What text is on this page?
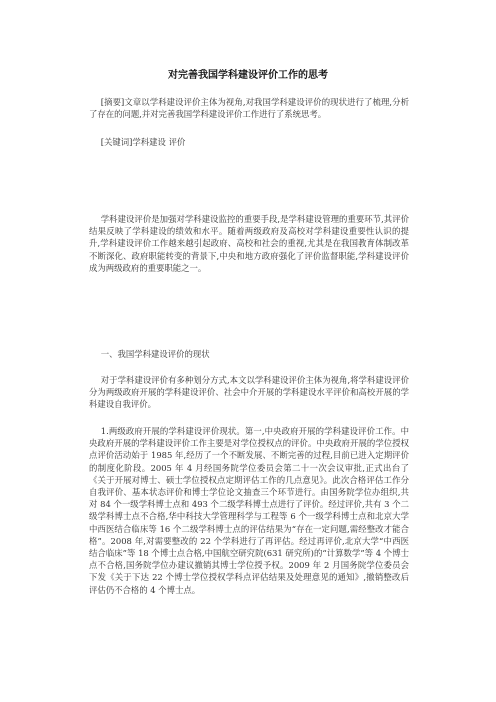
对完善我国学科建设评价工作的思考

[摘要]文章以学科建设评价主体为视角,对我国学科建设评价的现状进行了梳理,分析了存在的问题,并对完善我国学科建设评价工作进行了系统思考。

[关键词]学科建设 评价

学科建设评价是加强对学科建设监控的重要手段,是学科建设管理的重要环节,其评价结果反映了学科建设的绩效和水平。随着两级政府及高校对学科建设重要性认识的提升,学科建设评价工作越来越引起政府、高校和社会的重视,尤其是在我国教育体制改革不断深化、政府职能转变的背景下,中央和地方政府强化了评价监督职能,学科建设评价成为两级政府的重要职能之一。

一、我国学科建设评价的现状

对于学科建设评价有多种划分方式,本文以学科建设评价主体为视角,将学科建设评价分为两级政府开展的学科建设评价、社会中介开展的学科建设水平评价和高校开展的学科建设自我评价。

1.两级政府开展的学科建设评价现状。第一,中央政府开展的学科建设评价工作。中央政府开展的学科建设评价工作主要是对学位授权点的评价。中央政府开展的学位授权点评价活动始于 1985 年,经历了一个不断发展、不断完善的过程,目前已进入定期评价的制度化阶段。2005 年 4 月经国务院学位委员会第二十一次会议审批,正式出台了《关于开展对博士、硕士学位授权点定期评估工作的几点意见》。此次合格评估工作分自我评价、基本状态评价和博士学位论文抽查三个环节进行。由国务院学位办组织,共对 84 个一级学科博士点和 493 个二级学科博士点进行了评价。经过评价,共有 3 个二级学科博士点不合格,华中科技大学管理科学与工程等 6 个一级学科博士点和北京大学中西医结合临床等 16 个二级学科博士点的评估结果为“存在一定问题,需经整改才能合格”。2008 年,对需要整改的 22 个学科进行了再评估。经过再评价,北京大学“中西医结合临床”等 18 个博士点合格,中国航空研究院(631 研究所)的“计算数学”等 4 个博士点不合格,国务院学位办建议撤销其博士学位授予权。2009 年 2 月国务院学位委员会下发《关于下达 22 个博士学位授权学科点评估结果及处理意见的通知》,撤销整改后评估仍不合格的 4 个博士点。
